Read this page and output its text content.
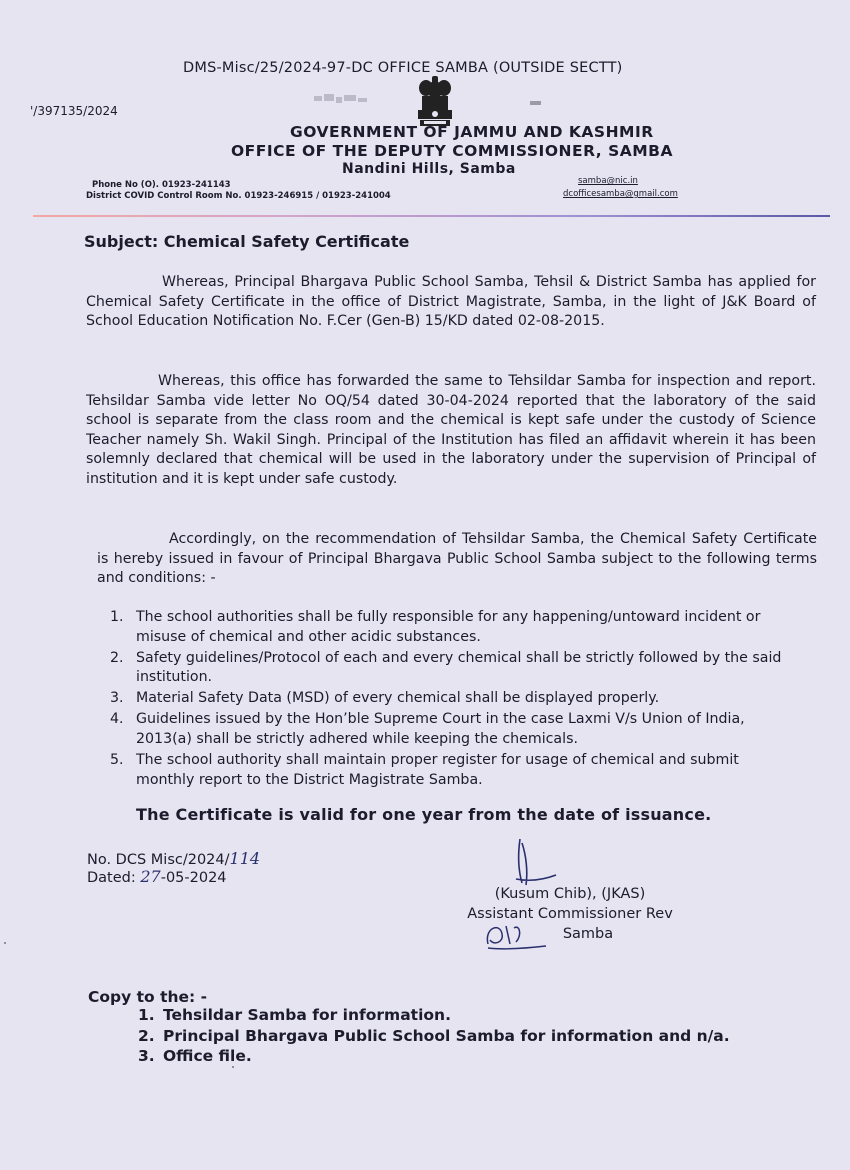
DMS-Misc/25/2024-97-DC OFFICE SAMBA (OUTSIDE SECTT)
'/397135/2024
GOVERNMENT OF JAMMU AND KASHMIR
OFFICE OF THE DEPUTY COMMISSIONER, SAMBA
Nandini Hills, Samba
Phone No (O). 01923-241143
District COVID Control Room No. 01923-246915 / 01923-241004
samba@nic.in
dcofficesamba@gmail.com
Subject: Chemical Safety Certificate
Whereas, Principal Bhargava Public School Samba, Tehsil & District Samba has applied for Chemical Safety Certificate in the office of District Magistrate, Samba, in the light of J&K Board of School Education Notification No. F.Cer (Gen-B) 15/KD dated 02-08-2015.
Whereas, this office has forwarded the same to Tehsildar Samba for inspection and report. Tehsildar Samba vide letter No OQ/54 dated 30-04-2024 reported that the laboratory of the said school is separate from the class room and the chemical is kept safe under the custody of Science Teacher namely Sh. Wakil Singh. Principal of the Institution has filed an affidavit wherein it has been solemnly declared that chemical will be used in the laboratory under the supervision of Principal of institution and it is kept under safe custody.
Accordingly, on the recommendation of Tehsildar Samba, the Chemical Safety Certificate is hereby issued in favour of Principal Bhargava Public School Samba subject to the following terms and conditions: -
1. The school authorities shall be fully responsible for any happening/untoward incident or misuse of chemical and other acidic substances.
2. Safety guidelines/Protocol of each and every chemical shall be strictly followed by the said institution.
3. Material Safety Data (MSD) of every chemical shall be displayed properly.
4. Guidelines issued by the Hon’ble Supreme Court in the case Laxmi V/s Union of India, 2013(a) shall be strictly adhered while keeping the chemicals.
5. The school authority shall maintain proper register for usage of chemical and submit monthly report to the District Magistrate Samba.
The Certificate is valid for one year from the date of issuance.
No. DCS Misc/2024/114
Dated: 27-05-2024
(Kusum Chib), (JKAS)
Assistant Commissioner Rev
Samba
Copy to the: -
1. Tehsildar Samba for information.
2. Principal Bhargava Public School Samba for information and n/a.
3. Office file.
